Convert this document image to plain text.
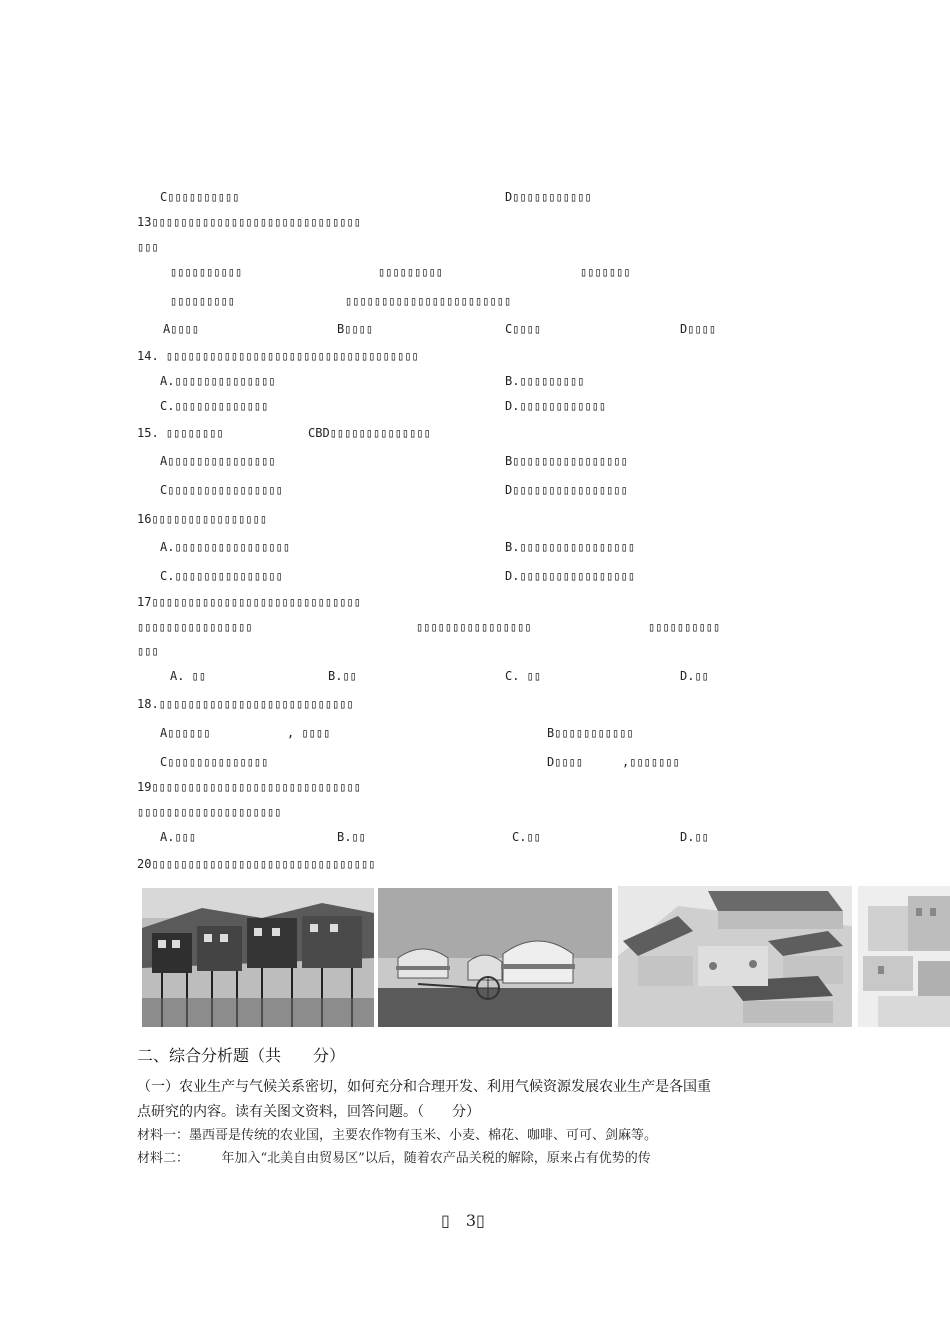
C▯▯▯▯▯▯▯▯▯▯	D▯▯▯▯▯▯▯▯▯▯▯
13▯▯▯▯▯▯▯▯▯▯▯▯▯▯▯▯▯▯▯▯▯▯▯▯▯▯▯▯▯
▯▯▯
▯▯▯▯▯▯▯▯▯▯	▯▯▯▯▯▯▯▯▯	▯▯▯▯▯▯▯
▯▯▯▯▯▯▯▯▯	▯▯▯▯▯▯▯▯▯▯▯▯▯▯▯▯▯▯▯▯▯▯▯
A▯▯▯▯	B▯▯▯▯	C▯▯▯▯	D▯▯▯▯
14. ▯▯▯▯▯▯▯▯▯▯▯▯▯▯▯▯▯▯▯▯▯▯▯▯▯▯▯▯▯▯▯▯▯▯▯
A.▯▯▯▯▯▯▯▯▯▯▯▯▯▯	B.▯▯▯▯▯▯▯▯▯
C.▯▯▯▯▯▯▯▯▯▯▯▯▯	D.▯▯▯▯▯▯▯▯▯▯▯▯
15. ▯▯▯▯▯▯▯▯	CBD▯▯▯▯▯▯▯▯▯▯▯▯▯▯
A▯▯▯▯▯▯▯▯▯▯▯▯▯▯▯	B▯▯▯▯▯▯▯▯▯▯▯▯▯▯▯▯
C▯▯▯▯▯▯▯▯▯▯▯▯▯▯▯▯	D▯▯▯▯▯▯▯▯▯▯▯▯▯▯▯▯
16▯▯▯▯▯▯▯▯▯▯▯▯▯▯▯▯
A.▯▯▯▯▯▯▯▯▯▯▯▯▯▯▯▯	B.▯▯▯▯▯▯▯▯▯▯▯▯▯▯▯▯
C.▯▯▯▯▯▯▯▯▯▯▯▯▯▯▯	D.▯▯▯▯▯▯▯▯▯▯▯▯▯▯▯▯
17▯▯▯▯▯▯▯▯▯▯▯▯▯▯▯▯▯▯▯▯▯▯▯▯▯▯▯▯▯
▯▯▯▯▯▯▯▯▯▯▯▯▯▯▯▯	▯▯▯▯▯▯▯▯▯▯▯▯▯▯▯▯	▯▯▯▯▯▯▯▯▯▯
▯▯▯
A. ▯▯	B.▯▯	C. ▯▯	D.▯▯
18.▯▯▯▯▯▯▯▯▯▯▯▯▯▯▯▯▯▯▯▯▯▯▯▯▯▯▯
A▯▯▯▯▯▯	, ▯▯▯▯	B▯▯▯▯▯▯▯▯▯▯▯
C▯▯▯▯▯▯▯▯▯▯▯▯▯▯	D▯▯▯▯	,▯▯▯▯▯▯▯
19▯▯▯▯▯▯▯▯▯▯▯▯▯▯▯▯▯▯▯▯▯▯▯▯▯▯▯▯▯
▯▯▯▯▯▯▯▯▯▯▯▯▯▯▯▯▯▯▯▯
A.▯▯▯	B.▯▯	C.▯▯	D.▯▯
20▯▯▯▯▯▯▯▯▯▯▯▯▯▯▯▯▯▯▯▯▯▯▯▯▯▯▯▯▯▯▯
二、综合分析题（共　　分）
（一）农业生产与气候关系密切，如何充分和合理开发、利用气候资源发展农业生产是各国重
点研究的内容。读有关图文资料，回答问题。（　　分）
材料一：墨西哥是传统的农业国，主要农作物有玉米、小麦、棉花、咖啡、可可、剑麻等。
材料二：　　　年加入“北美自由贸易区”以后，随着农产品关税的解除，原来占有优势的传
▯　3▯
